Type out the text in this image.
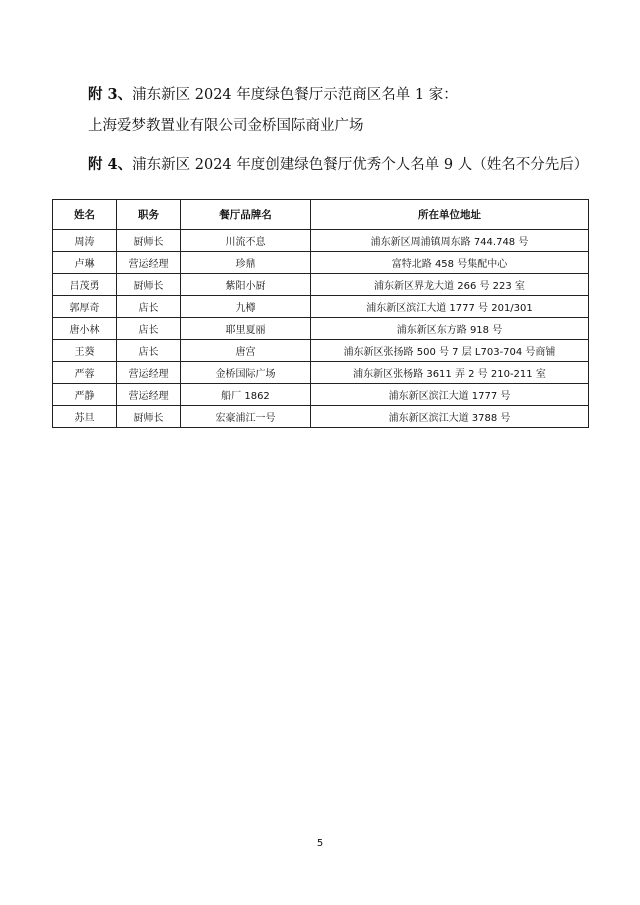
附 3、浦东新区 2024 年度绿色餐厅示范商区名单 1 家：
上海爱梦教置业有限公司金桥国际商业广场
附 4、浦东新区 2024 年度创建绿色餐厅优秀个人名单 9 人（姓名不分先后）
姓名	职务	餐厅品牌名	所在单位地址
周涛	厨师长	川流不息	浦东新区周浦镇周东路 744.748 号
卢琳	营运经理	珍鼎	富特北路 458 号集配中心
吕茂勇	厨师长	紫阳小厨	浦东新区界龙大道 266 号 223 室
郭厚奇	店长	九樽	浦东新区滨江大道 1777 号 201/301
唐小林	店长	耶里夏丽	浦东新区东方路 918 号
王葵	店长	唐宫	浦东新区张扬路 500 号 7 层 L703-704 号商铺
严蓉	营运经理	金桥国际广场	浦东新区张杨路 3611 弄 2 号 210-211 室
严静	营运经理	船厂 1862	浦东新区滨江大道 1777 号
苏旦	厨师长	宏豪浦江一号	浦东新区滨江大道 3788 号
5
